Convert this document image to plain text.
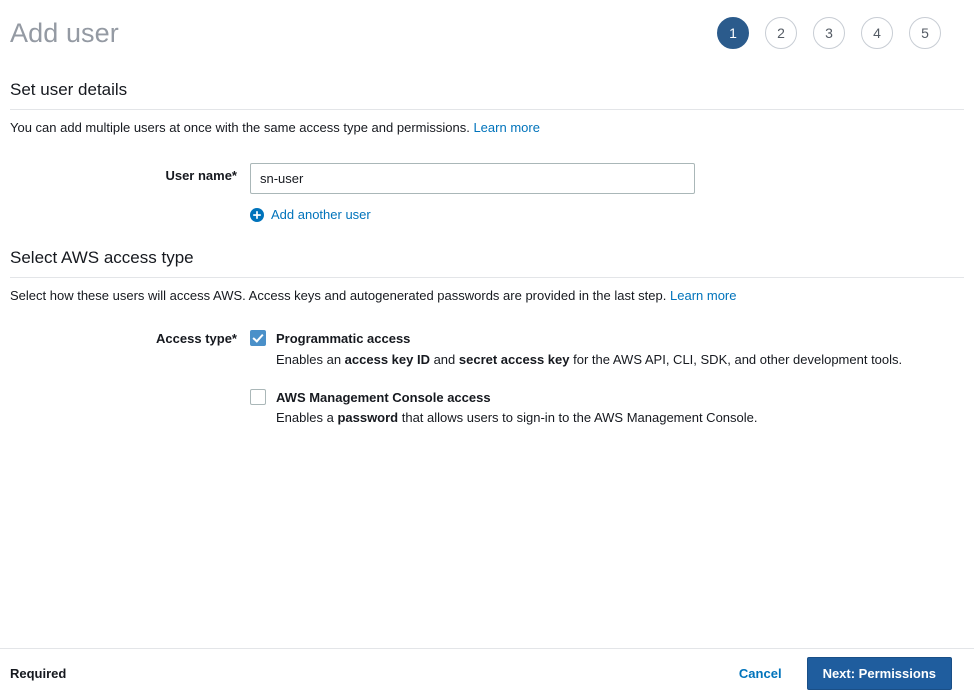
Add user	1	2	3	4	5
Set user details

You can add multiple users at once with the same access type and permissions. Learn more

User name*
sn-user
Add another user
Select AWS access type

Select how these users will access AWS. Access keys and autogenerated passwords are provided in the last step. Learn more

Access type*	Programmatic access
Enables an access key ID and secret access key for the AWS API, CLI, SDK, and other development tools.
AWS Management Console access
Enables a password that allows users to sign-in to the AWS Management Console.
Required	Cancel	Next: Permissions
